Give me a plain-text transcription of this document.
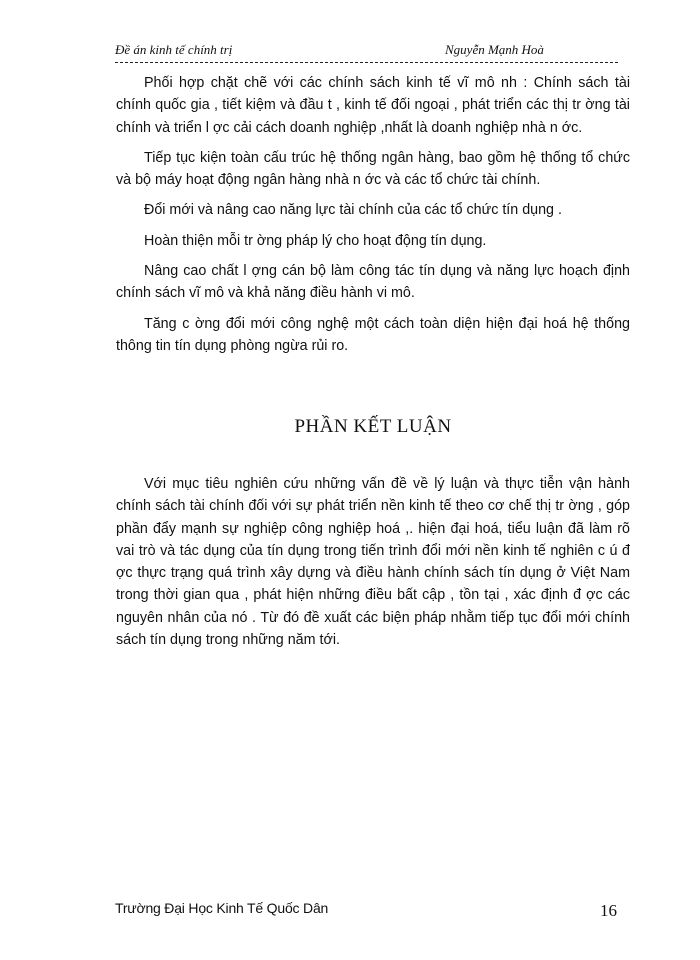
Đề án kinh tế chính trị	Nguyễn Mạnh Hoà

Phối hợp chặt chẽ với các chính sách kinh tế vĩ mô nh : Chính sách tài chính quốc gia , tiết kiệm và đầu t , kinh tế đối ngoại , phát triển các thị tr ờng tài chính và triển l ợc cải cách doanh nghiệp ,nhất là doanh nghiệp nhà n ớc.

Tiếp tục kiện toàn cấu trúc hệ thống ngân hàng, bao gồm hệ thống tổ chức và bộ máy hoạt động ngân hàng nhà n ớc và các tổ chức tài chính.

Đổi mới và nâng cao năng lực tài chính của các tổ chức tín dụng .

Hoàn thiện mỗi tr ờng pháp lý cho hoạt động tín dụng.

Nâng cao chất l ợng cán bộ làm công tác tín dụng và năng lực hoạch định chính sách vĩ mô và khả năng điều hành vi mô.

Tăng c ờng đổi mới công nghệ một cách toàn diện hiện đại hoá hệ thống thông tin tín dụng phòng ngừa rủi ro.

PHẦN KẾT LUẬN

Với mục tiêu nghiên cứu những vấn đề về lý luận và thực tiễn vận hành chính sách tài chính đối với sự phát triển nền kinh tế theo cơ chế thị tr ờng , góp phần đẩy mạnh sự nghiệp công nghiệp hoá ,. hiện đại hoá, tiểu luận đã làm rõ vai trò và tác dụng của tín dụng trong tiến trình đổi mới nền kinh tế nghiên c ú đ ợc thực trạng quá trình xây dựng và điều hành chính sách tín dụng ở Việt Nam trong thời gian qua , phát hiện những điều bất cập , tồn tại , xác định đ ợc các nguyên nhân của nó . Từ đó đề xuất các biện pháp nhằm tiếp tục đổi mới chính sách tín dụng trong những năm tới.

Trường Đại Học Kinh Tế Quốc Dân	16
